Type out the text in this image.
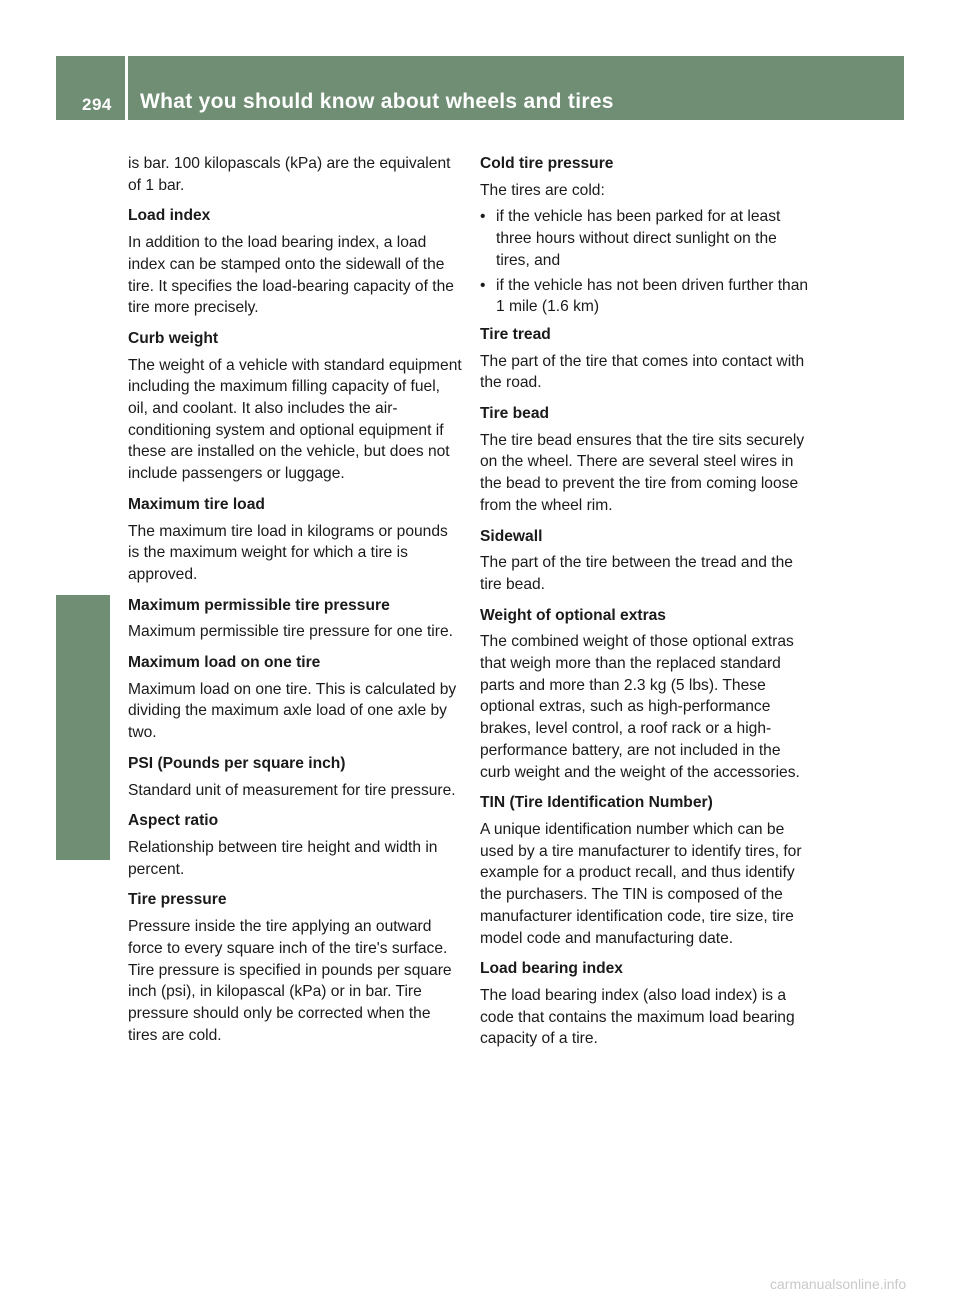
294 What you should know about wheels and tires
Wheels and tires

is bar. 100 kilopascals (kPa) are the equivalent of 1 bar.

Load index

In addition to the load bearing index, a load index can be stamped onto the sidewall of the tire. It specifies the load-bearing capacity of the tire more precisely.

Curb weight

The weight of a vehicle with standard equipment including the maximum filling capacity of fuel, oil, and coolant. It also includes the air-conditioning system and optional equipment if these are installed on the vehicle, but does not include passengers or luggage.

Maximum tire load

The maximum tire load in kilograms or pounds is the maximum weight for which a tire is approved.

Maximum permissible tire pressure

Maximum permissible tire pressure for one tire.

Maximum load on one tire

Maximum load on one tire. This is calculated by dividing the maximum axle load of one axle by two.

PSI (Pounds per square inch)

Standard unit of measurement for tire pressure.

Aspect ratio

Relationship between tire height and width in percent.

Tire pressure

Pressure inside the tire applying an outward force to every square inch of the tire's surface. Tire pressure is specified in pounds per square inch (psi), in kilopascal (kPa) or in bar. Tire pressure should only be corrected when the tires are cold.

Cold tire pressure

The tires are cold:

• if the vehicle has been parked for at least three hours without direct sunlight on the tires, and
• if the vehicle has not been driven further than 1 mile (1.6 km)

Tire tread

The part of the tire that comes into contact with the road.

Tire bead

The tire bead ensures that the tire sits securely on the wheel. There are several steel wires in the bead to prevent the tire from coming loose from the wheel rim.

Sidewall

The part of the tire between the tread and the tire bead.

Weight of optional extras

The combined weight of those optional extras that weigh more than the replaced standard parts and more than 2.3 kg (5 lbs). These optional extras, such as high-performance brakes, level control, a roof rack or a high-performance battery, are not included in the curb weight and the weight of the accessories.

TIN (Tire Identification Number)

A unique identification number which can be used by a tire manufacturer to identify tires, for example for a product recall, and thus identify the purchasers. The TIN is composed of the manufacturer identification code, tire size, tire model code and manufacturing date.

Load bearing index

The load bearing index (also load index) is a code that contains the maximum load bearing capacity of a tire.

carmanualsonline.info
